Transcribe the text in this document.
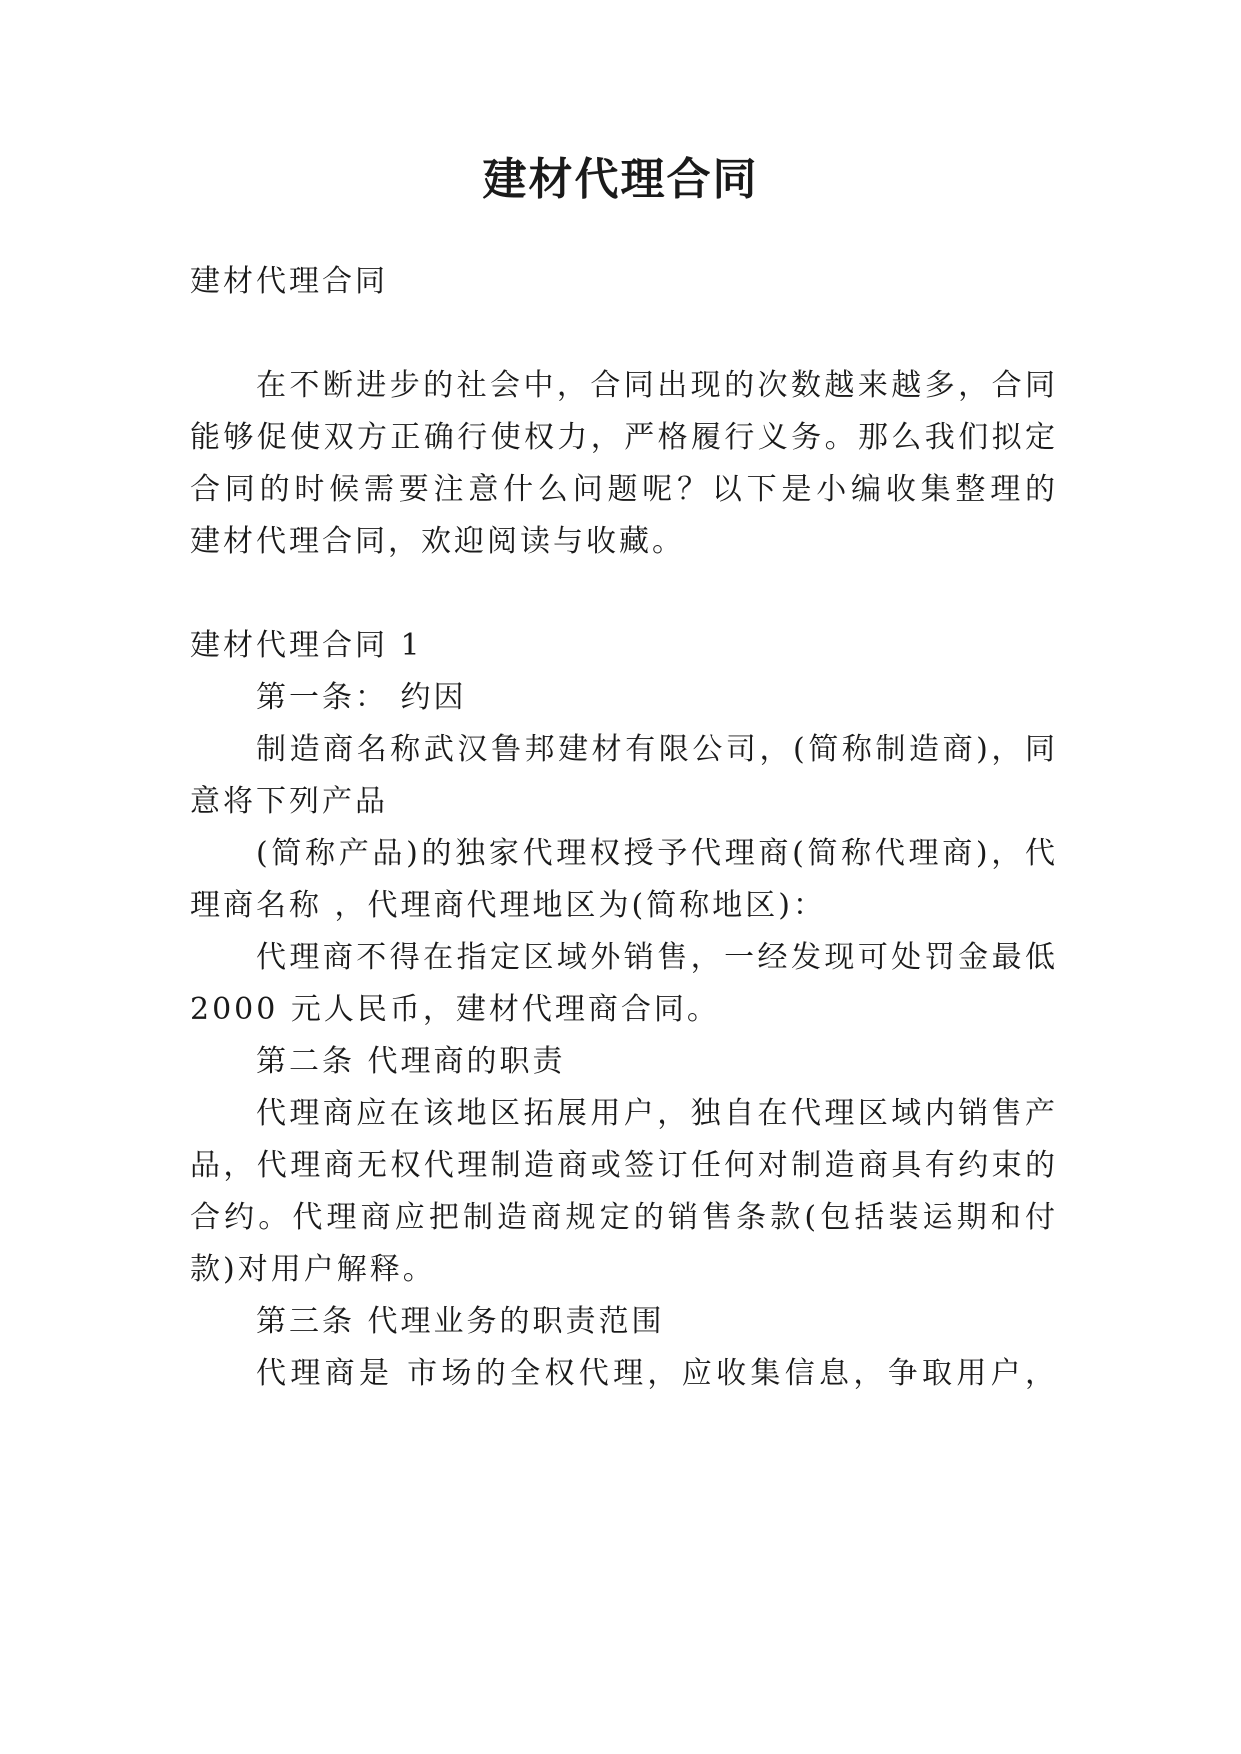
建材代理合同
建材代理合同
在不断进步的社会中，合同出现的次数越来越多，合同
能够促使双方正确行使权力，严格履行义务。那么我们拟定
合同的时候需要注意什么问题呢？以下是小编收集整理的
建材代理合同，欢迎阅读与收藏。
建材代理合同 1
第一条： 约因
制造商名称武汉鲁邦建材有限公司，(简称制造商)，同
意将下列产品
(简称产品)的独家代理权授予代理商(简称代理商)，代
理商名称 ，代理商代理地区为(简称地区)：
代理商不得在指定区域外销售，一经发现可处罚金最低
2000 元人民币，建材代理商合同。
第二条 代理商的职责
代理商应在该地区拓展用户，独自在代理区域内销售产
品，代理商无权代理制造商或签订任何对制造商具有约束的
合约。代理商应把制造商规定的销售条款(包括装运期和付
款)对用户解释。
第三条 代理业务的职责范围
代理商是 市场的全权代理，应收集信息，争取用户，
